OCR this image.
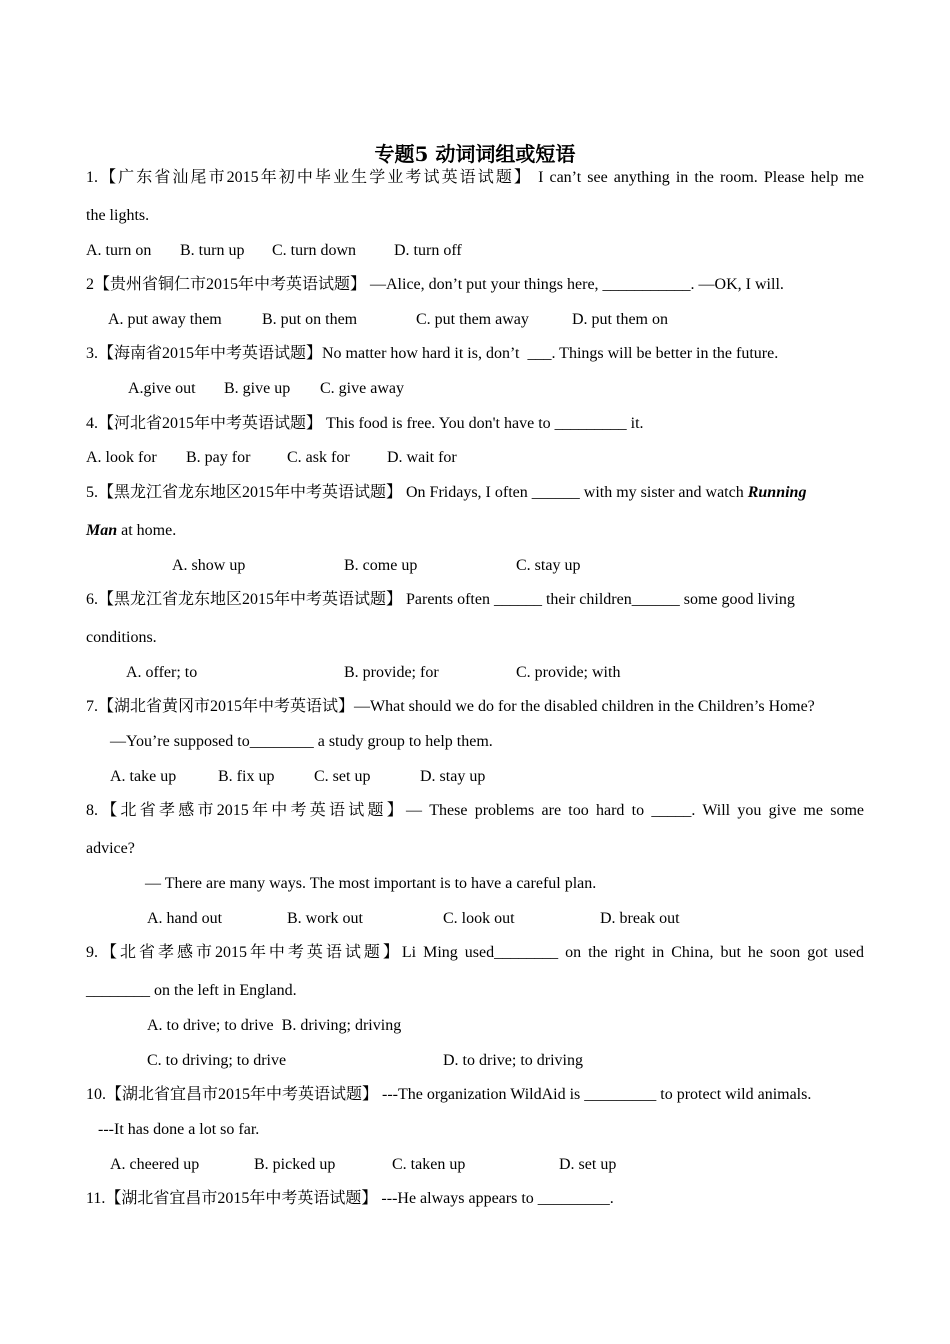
专题5 动词词组或短语
1.【广东省汕尾市2015年初中毕业生学业考试英语试题】 I can’t see anything in the room. Please help me
the lights.
A. turn on B. turn up C. turn down D. turn off
2【贵州省铜仁市2015年中考英语试题】 —Alice, don’t put your things here, ___________. —OK, I will.
A. put away them	B. put on them	C. put them away	D. put them on
3.【海南省2015年中考英语试题】No matter how hard it is, don’t  ___. Things will be better in the future.
A.give out B. give up C. give away
4.【河北省2015年中考英语试题】 This food is free. You don't have to _________ it.
A. look for B. pay for C. ask for D. wait for
5.【黑龙江省龙东地区2015年中考英语试题】 On Fridays, I often ______ with my sister and watch Running
Man at home.
A. show up	B. come up	C. stay up
6.【黑龙江省龙东地区2015年中考英语试题】 Parents often ______ their children______ some good living
conditions.
A. offer; to	B. provide; for	C. provide; with
7.【湖北省黄冈市2015年中考英语试】—What should we do for the disabled children in the Children’s Home?
—You’re supposed to________ a study group to help them.
A. take up	B. fix up C. set up	D. stay up
8.【北省孝感市2015年中考英语试题】— These problems are too hard to _____. Will you give me some
advice?
— There are many ways. The most important is to have a careful plan.
A. hand out	B. work out	C. look out	D. break out
9.【北省孝感市2015年中考英语试题】Li Ming used________ on the right in China, but he soon got used
________ on the left in England.
A. to drive; to drive  B. driving; driving
C. to driving; to drive	D. to drive; to driving
10.【湖北省宜昌市2015年中考英语试题】 ---The organization WildAid is _________ to protect wild animals.
---It has done a lot so far.
A. cheered up	B. picked up	C. taken up	D. set up
11.【湖北省宜昌市2015年中考英语试题】 ---He always appears to _________.
